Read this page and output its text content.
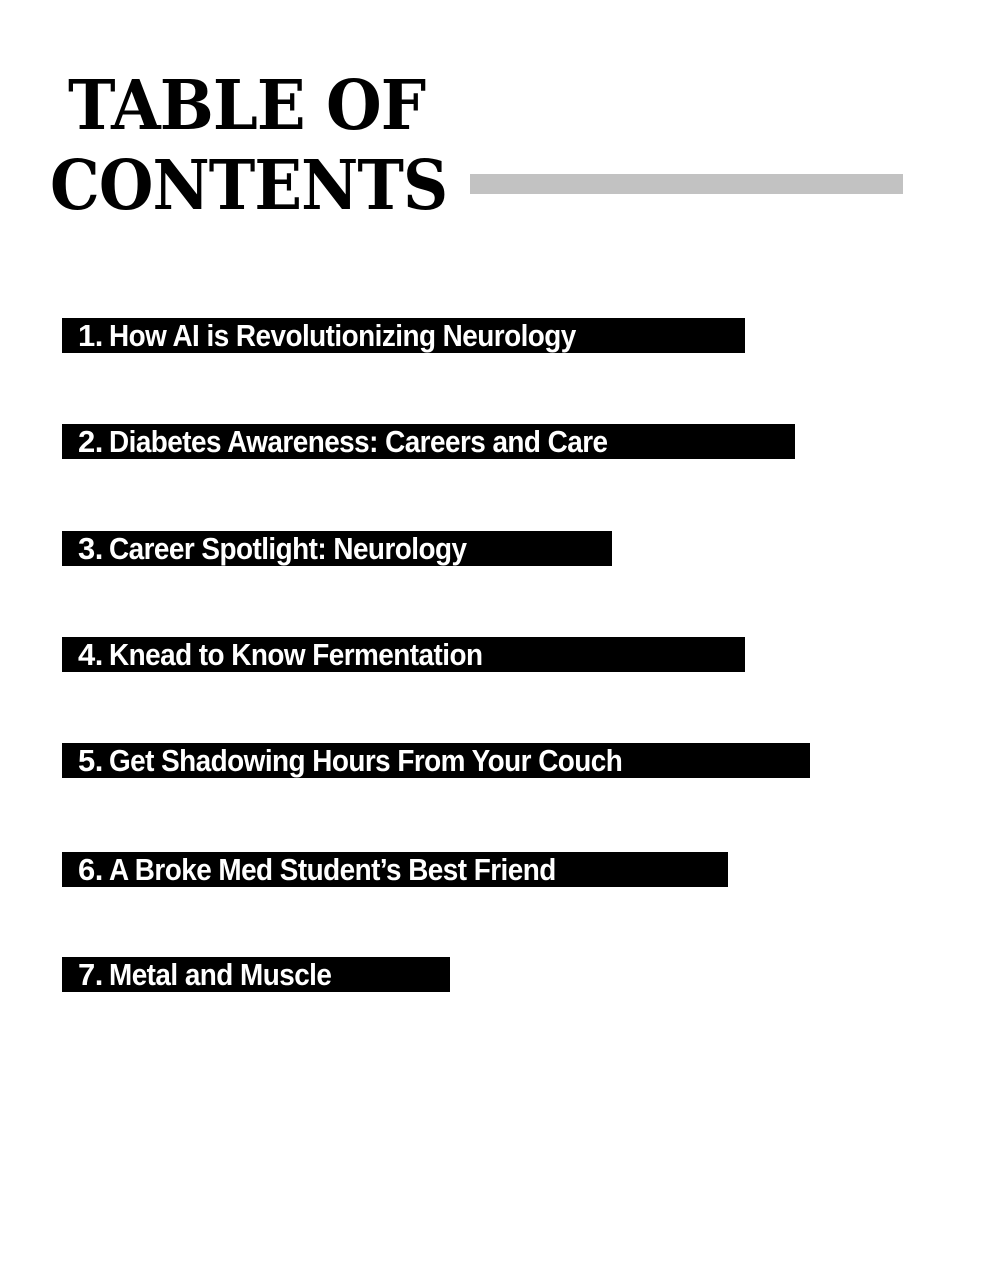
TABLE OF
CONTENTS
1. How AI is Revolutionizing Neurology
2. Diabetes Awareness: Careers and Care
3. Career Spotlight: Neurology
4. Knead to Know Fermentation
5. Get Shadowing Hours From Your Couch
6. A Broke Med Student’s Best Friend
7. Metal and Muscle
